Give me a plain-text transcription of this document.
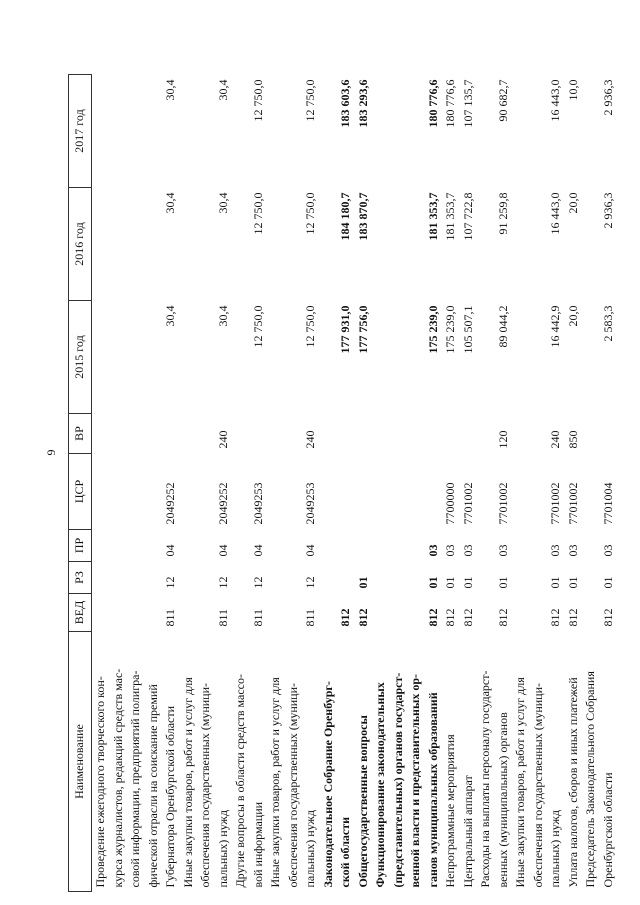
9
Наименование	ВЕД	РЗ	ПР	ЦСР	ВР	2015 год	2016 год	2017 год

Проведение ежегодного творческого кон- курса журналистов, редакций средств мас- совой информации, предприятий полигра- фической отрасли на соискание премий Губернатора Оренбургской области	811	12	04	2049252		30,4	30,4	30,4

Иные закупки товаров, работ и услуг для обеспечения государственных (муници- пальных) нужд	811	12	04	2049252	240	30,4	30,4	30,4

Другие вопросы в области средств массо- вой информации	811	12	04	2049253		12 750,0	12 750,0	12 750,0

Иные закупки товаров, работ и услуг для обеспечения государственных (муници- пальных) нужд	811	12	04	2049253	240	12 750,0	12 750,0	12 750,0

Законодательное Собрание Оренбург- ской области	812					177 931,0	184 180,7	183 603,6

Общегосударственные вопросы	812	01				177 756,0	183 870,7	183 293,6

Функционирование законодательных (представительных) органов государст- венной власти и представительных ор- ганов муниципальных образований	812	01	03			175 239,0	181 353,7	180 776,6

Непрограммные мероприятия	812	01	03	7700000		175 239,0	181 353,7	180 776,6

Центральный аппарат	812	01	03	7701002		105 507,1	107 722,8	107 135,7

Расходы на выплаты персоналу государст- венных (муниципальных) органов	812	01	03	7701002	120	89 044,2	91 259,8	90 682,7

Иные закупки товаров, работ и услуг для обеспечения государственных (муници- пальных) нужд	812	01	03	7701002	240	16 442,9	16 443,0	16 443,0

Уплата налогов, сборов и иных платежей	812	01	03	7701002	850	20,0	20,0	10,0

Председатель Законодательного Собрания Оренбургской области	812	01	03	7701004		2 583,3	2 936,3	2 936,3
